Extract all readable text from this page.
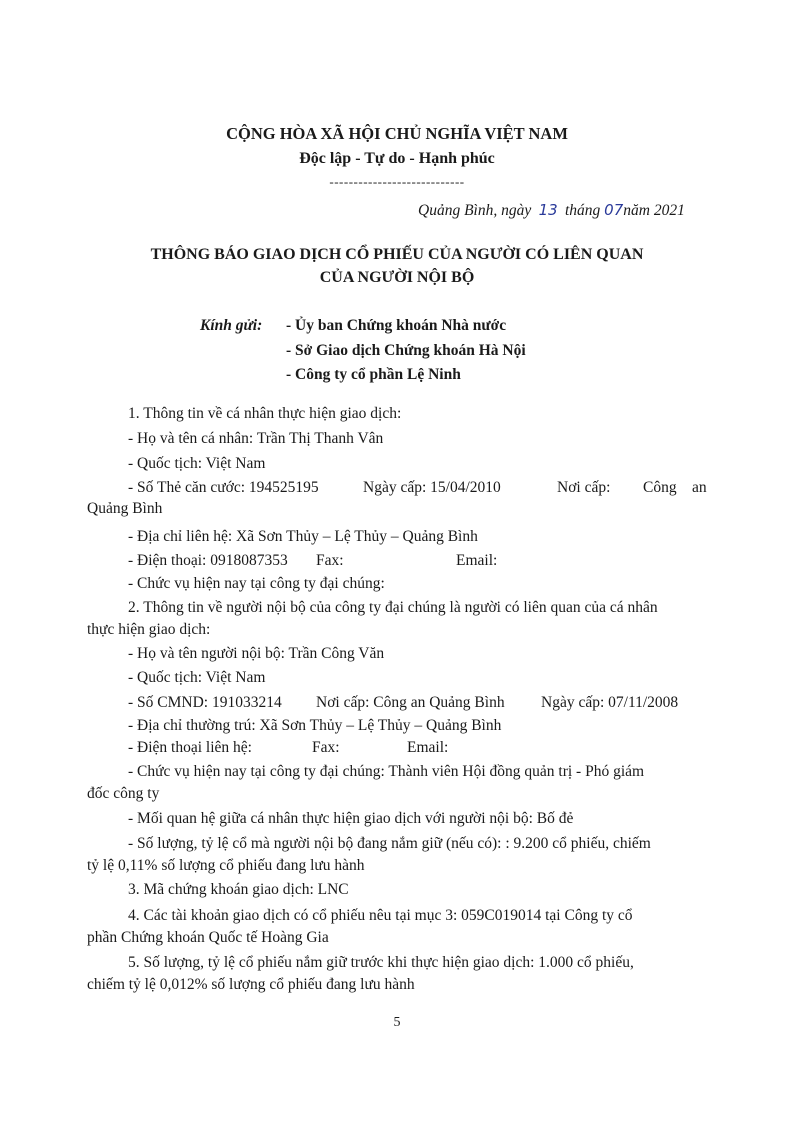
CỘNG HÒA XÃ HỘI CHỦ NGHĨA VIỆT NAM
Độc lập - Tự do - Hạnh phúc
----------------------------
Quảng Bình, ngày 13 tháng 07năm 2021
THÔNG BÁO GIAO DỊCH CỔ PHIẾU CỦA NGƯỜI CÓ LIÊN QUAN
CỦA NGƯỜI NỘI BỘ
Kính gửi: - Ủy ban Chứng khoán Nhà nước
- Sở Giao dịch Chứng khoán Hà Nội
- Công ty cổ phần Lệ Ninh
1. Thông tin về cá nhân thực hiện giao dịch:
- Họ và tên cá nhân: Trần Thị Thanh Vân
- Quốc tịch: Việt Nam
- Số Thẻ căn cước: 194525195	Ngày cấp: 15/04/2010	Nơi cấp: Công an
Quảng Bình
- Địa chỉ liên hệ: Xã Sơn Thủy – Lệ Thủy – Quảng Bình
- Điện thoại: 0918087353 Fax:	Email:
- Chức vụ hiện nay tại công ty đại chúng:
2. Thông tin về người nội bộ của công ty đại chúng là người có liên quan của cá nhân
thực hiện giao dịch:
- Họ và tên người nội bộ: Trần Công Văn
- Quốc tịch: Việt Nam
- Số CMND: 191033214 Nơi cấp: Công an Quảng Bình Ngày cấp: 07/11/2008
- Địa chỉ thường trú: Xã Sơn Thủy – Lệ Thủy – Quảng Bình
- Điện thoại liên hệ:	Fax:	Email:
- Chức vụ hiện nay tại công ty đại chúng: Thành viên Hội đồng quản trị - Phó giám
đốc công ty
- Mối quan hệ giữa cá nhân thực hiện giao dịch với người nội bộ: Bố đẻ
- Số lượng, tỷ lệ cổ mà người nội bộ đang nắm giữ (nếu có): : 9.200 cổ phiếu, chiếm
tỷ lệ 0,11% số lượng cổ phiếu đang lưu hành
3. Mã chứng khoán giao dịch: LNC
4. Các tài khoản giao dịch có cổ phiếu nêu tại mục 3: 059C019014 tại Công ty cổ
phần Chứng khoán Quốc tế Hoàng Gia
5. Số lượng, tỷ lệ cổ phiếu nắm giữ trước khi thực hiện giao dịch: 1.000 cổ phiếu,
chiếm tỷ lệ 0,012% số lượng cổ phiếu đang lưu hành
5
